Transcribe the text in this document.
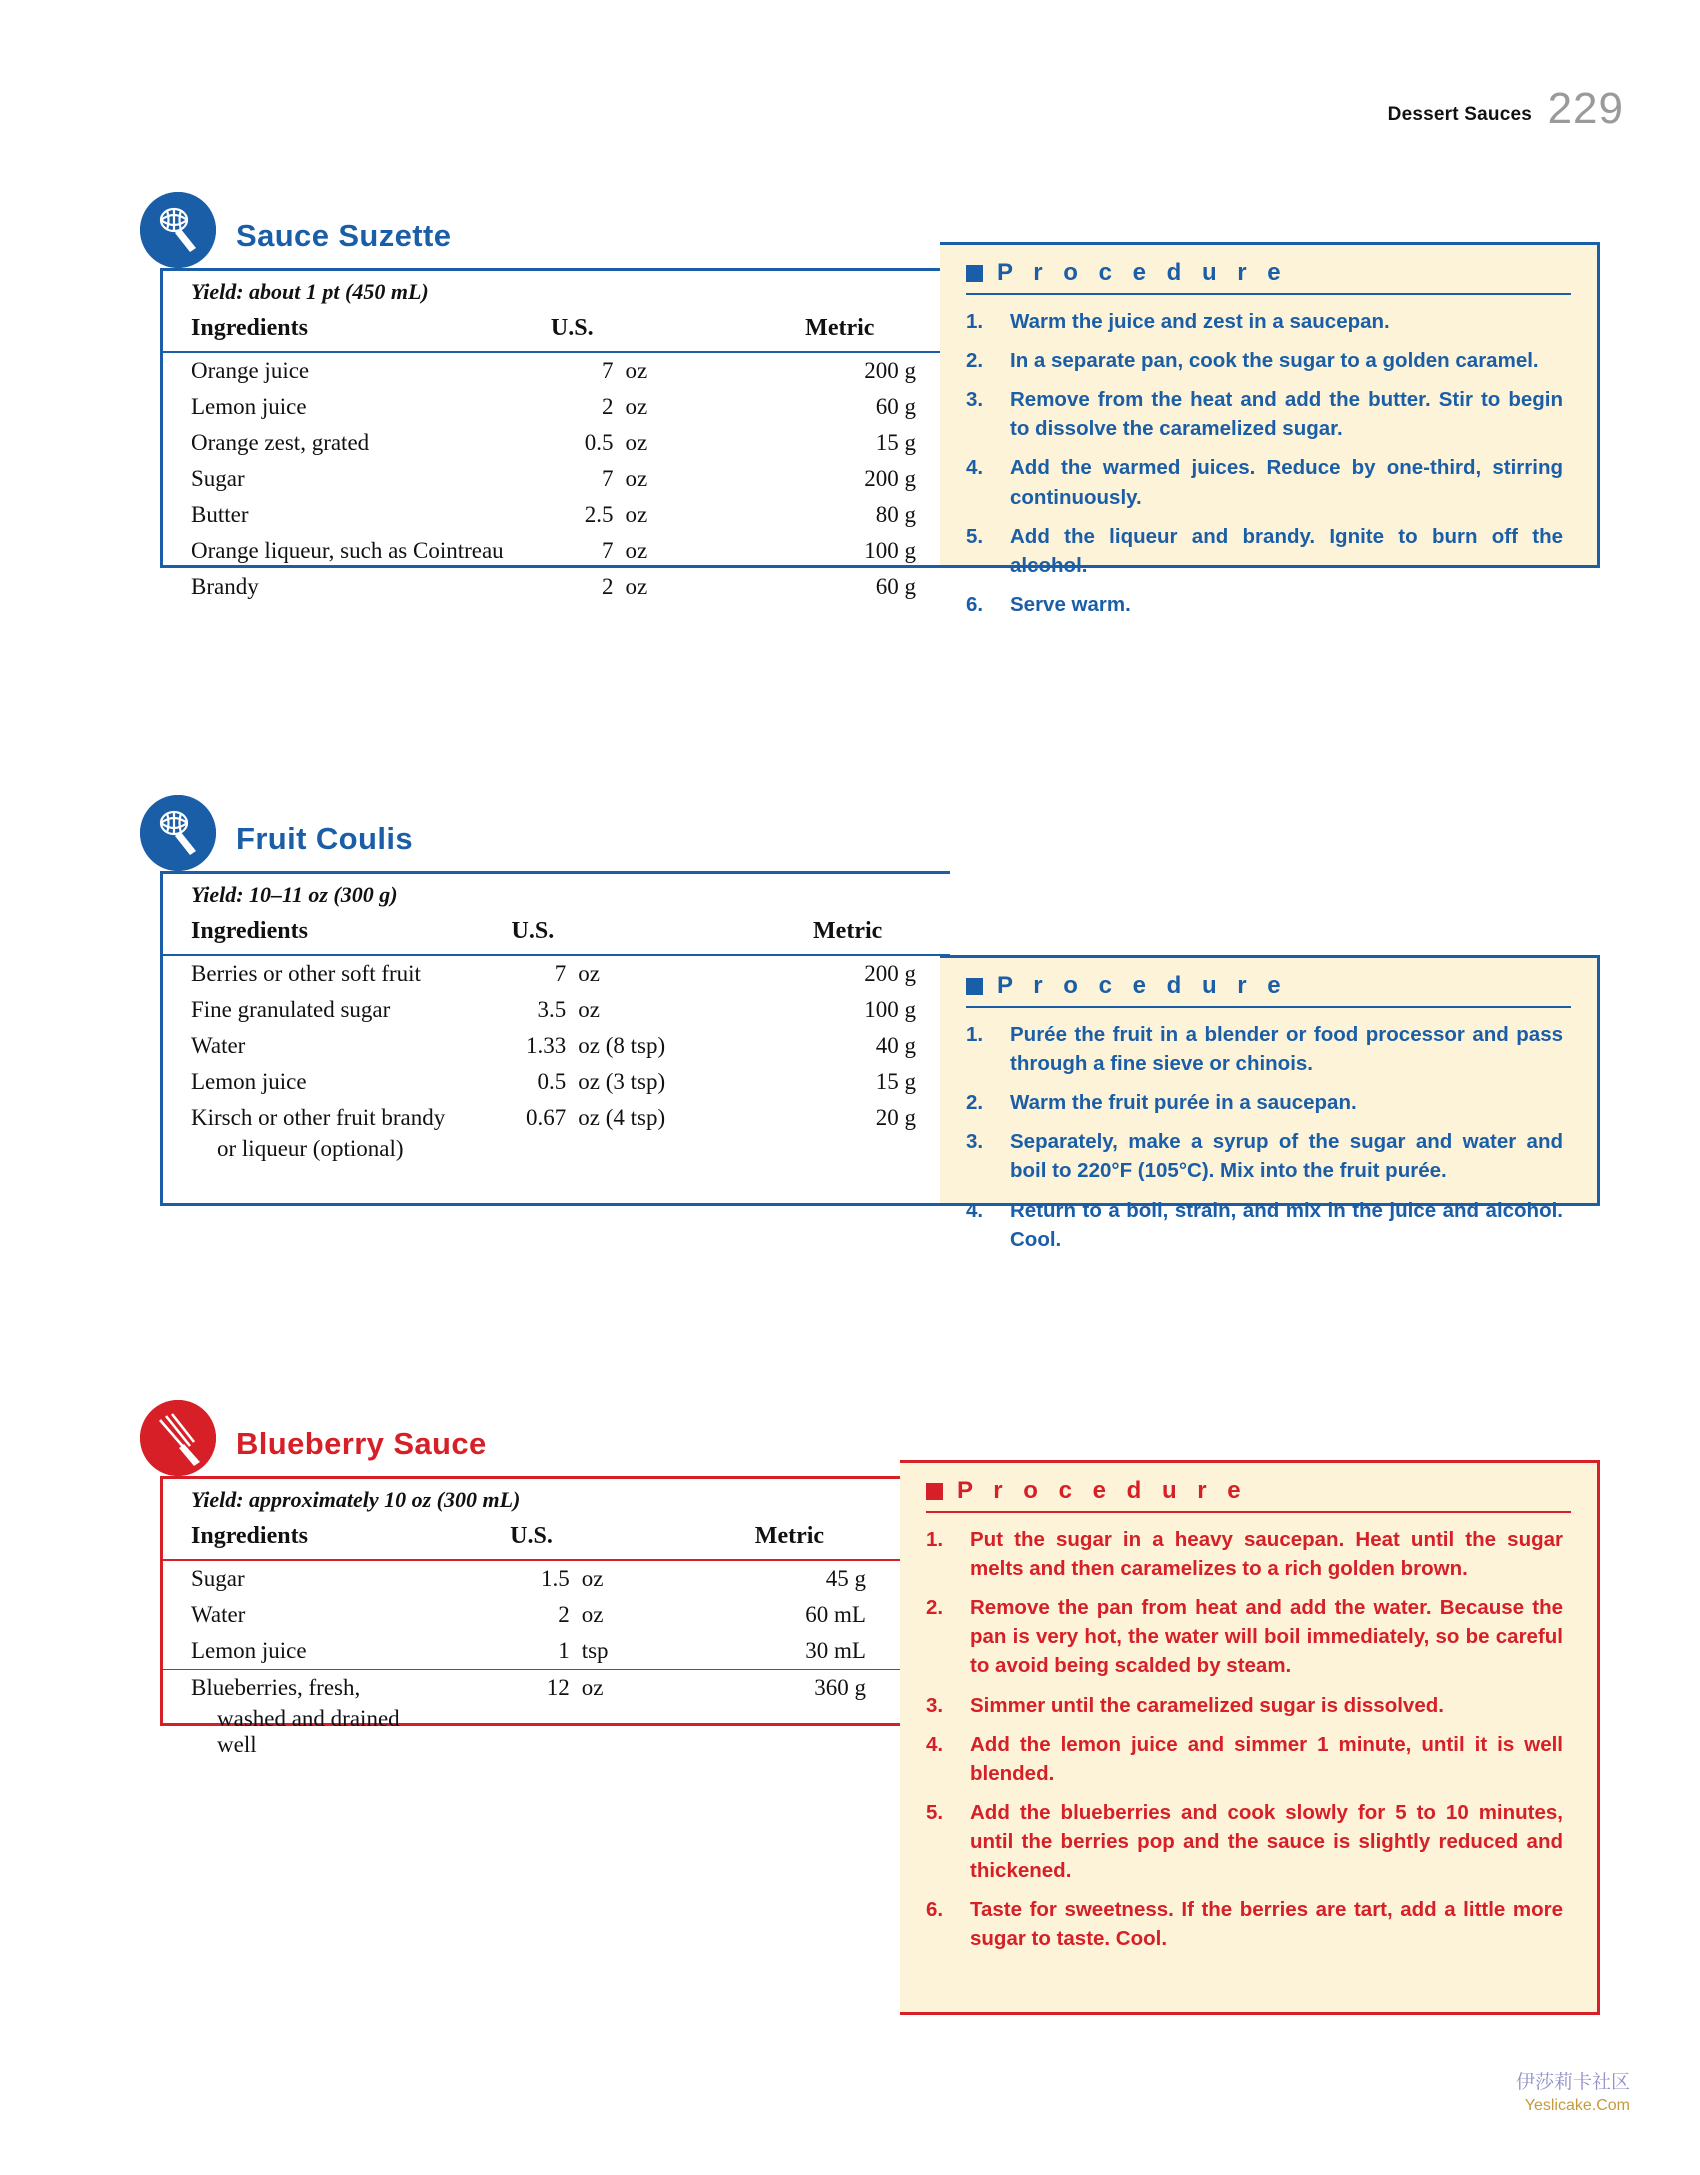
Dessert Sauces 229
Sauce Suzette
Yield: about 1 pt (450 mL)
Ingredients	U.S.		Metric
Orange juice	7	oz	200 g
Lemon juice	2	oz	60 g
Orange zest, grated	0.5	oz	15 g
Sugar	7	oz	200 g
Butter	2.5	oz	80 g
Orange liqueur, such as Cointreau	7	oz	100 g
Brandy	2	oz	60 g
P r o c e d u r e
Warm the juice and zest in a saucepan.
In a separate pan, cook the sugar to a golden caramel.
Remove from the heat and add the butter. Stir to begin to dissolve the caramelized sugar.
Add the warmed juices. Reduce by one-third, stirring continuously.
Add the liqueur and brandy. Ignite to burn off the alcohol.
Serve warm.
Fruit Coulis
Yield: 10–11 oz (300 g)
Ingredients	U.S.		Metric
Berries or other soft fruit	7	oz	200 g
Fine granulated sugar	3.5	oz	100 g
Water	1.33	oz (8 tsp)	40 g
Lemon juice	0.5	oz (3 tsp)	15 g
Kirsch or other fruit brandy	0.67	oz (4 tsp)	20 g
or liqueur (optional)			
P r o c e d u r e
Purée the fruit in a blender or food processor and pass through a fine sieve or chinois.
Warm the fruit purée in a saucepan.
Separately, make a syrup of the sugar and water and boil to 220°F (105°C). Mix into the fruit purée.
Return to a boil, strain, and mix in the juice and alcohol. Cool.
Blueberry Sauce
Yield: approximately 10 oz (300 mL)
Ingredients	U.S.		Metric
Sugar	1.5	oz	45 g
Water	2	oz	60 mL
Lemon juice	1	tsp	30 mL
Blueberries, fresh,	12	oz	360 g
washed and drained			
well			
P r o c e d u r e
Put the sugar in a heavy saucepan. Heat until the sugar melts and then caramelizes to a rich golden brown.
Remove the pan from heat and add the water. Because the pan is very hot, the water will boil immediately, so be careful to avoid being scalded by steam.
Simmer until the caramelized sugar is dissolved.
Add the lemon juice and simmer 1 minute, until it is well blended.
Add the blueberries and cook slowly for 5 to 10 minutes, until the berries pop and the sauce is slightly reduced and thickened.
Taste for sweetness. If the berries are tart, add a little more sugar to taste. Cool.
伊莎莉卡社区
Yeslicake.Com
